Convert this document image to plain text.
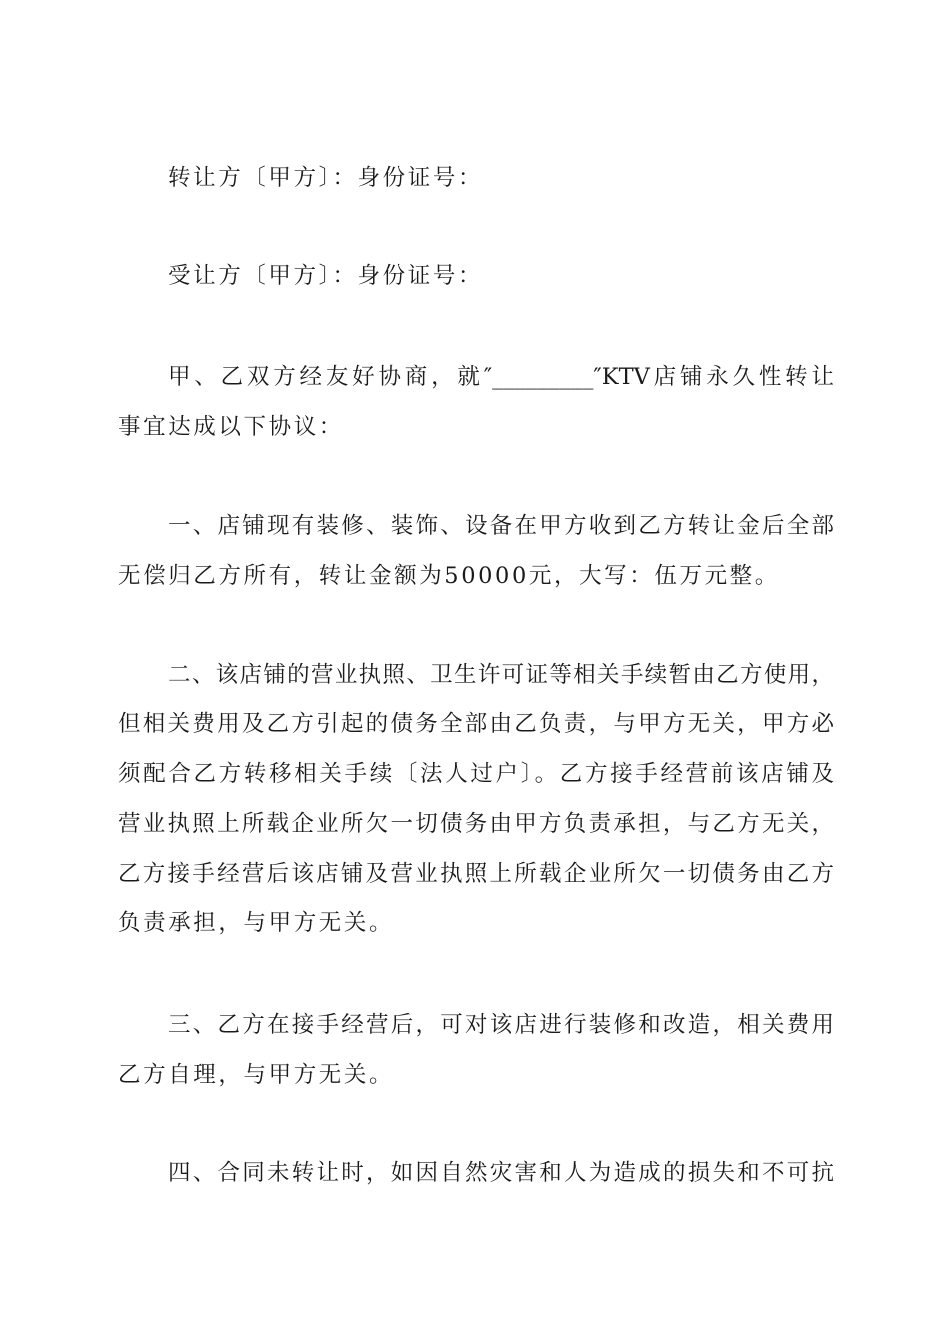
转让方〔甲方〕：身份证号：
受让方〔甲方〕：身份证号：
甲、乙双方经友好协商，就″_________″KTV店铺永久性转让
事宜达成以下协议：
一、店铺现有装修、装饰、设备在甲方收到乙方转让金后全部
无偿归乙方所有，转让金额为50000元，大写：伍万元整。
二、该店铺的营业执照、卫生许可证等相关手续暂由乙方使用，
但相关费用及乙方引起的债务全部由乙负责，与甲方无关，甲方必
须配合乙方转移相关手续〔法人过户〕。乙方接手经营前该店铺及
营业执照上所载企业所欠一切债务由甲方负责承担，与乙方无关，
乙方接手经营后该店铺及营业执照上所载企业所欠一切债务由乙方
负责承担，与甲方无关。
三、乙方在接手经营后，可对该店进行装修和改造，相关费用
乙方自理，与甲方无关。
四、合同未转让时，如因自然灾害和人为造成的损失和不可抗
